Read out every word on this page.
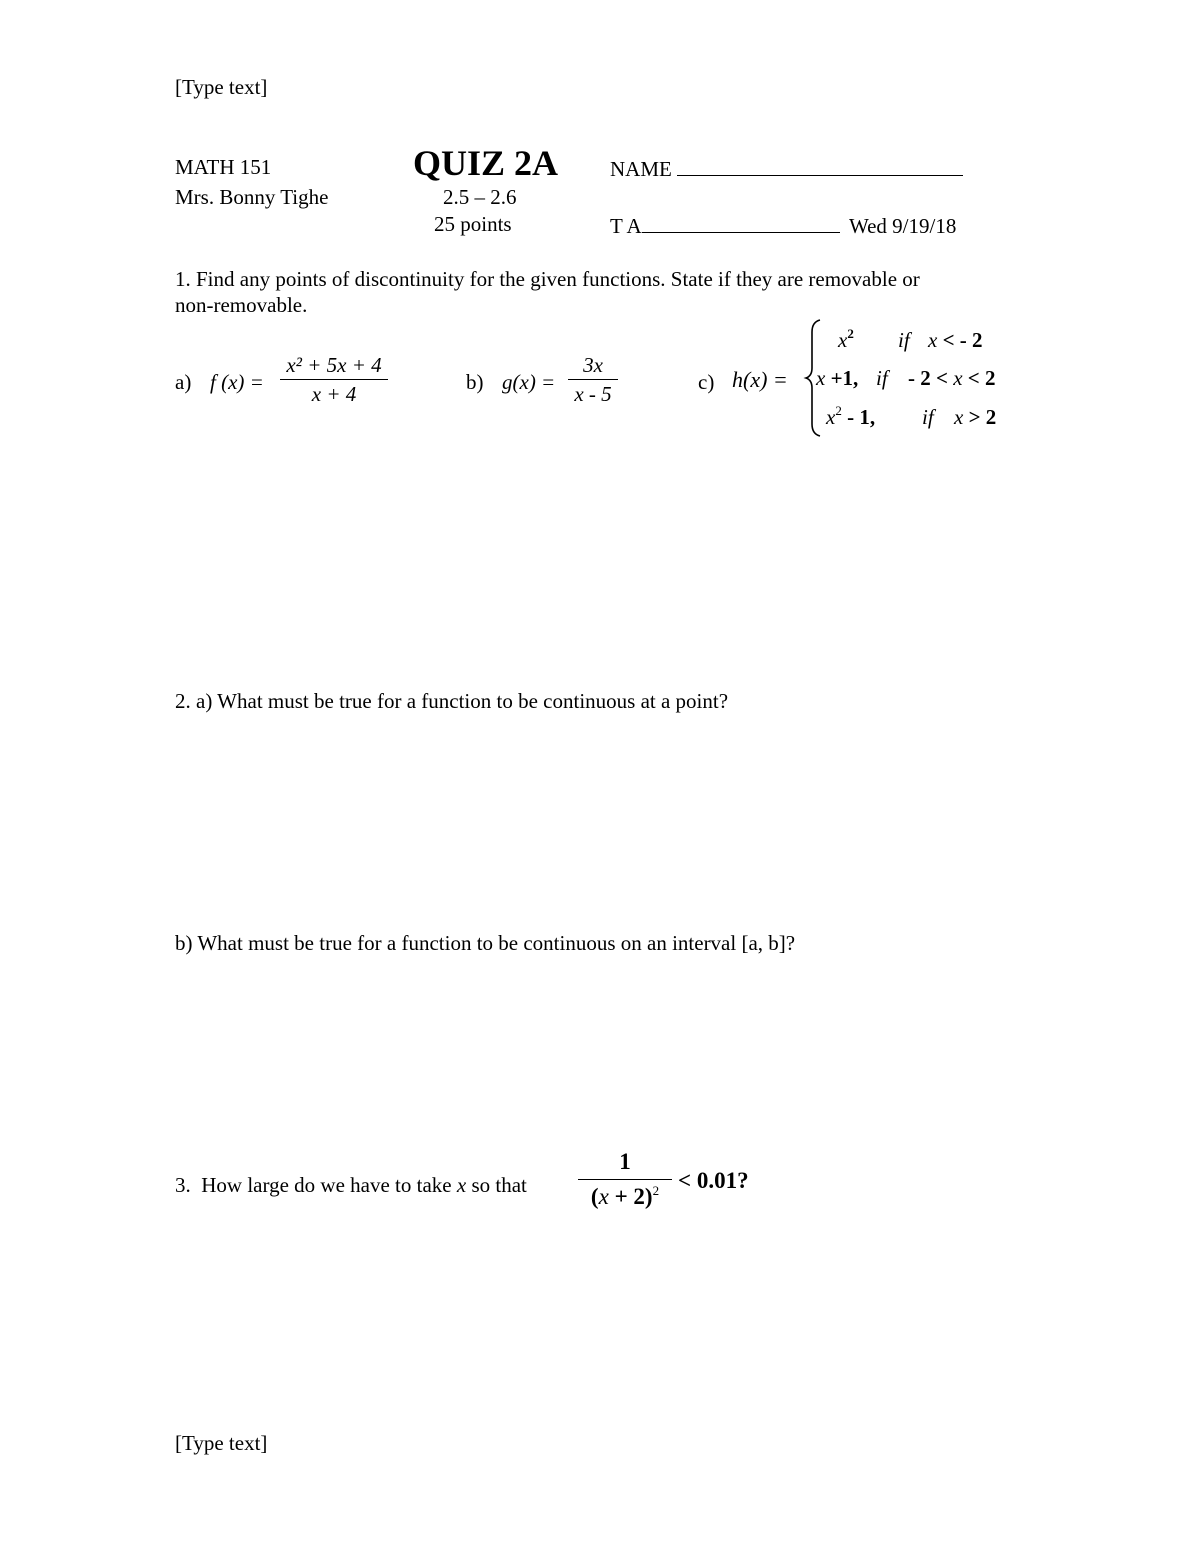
[Type text]
MATH 151
Mrs. Bonny Tighe
QUIZ 2A
2.5 – 2.6
25 points
NAME
T A	Wed 9/19/18
1. Find any points of discontinuity for the given functions. State if they are removable or
non-removable.
a) f (x) =
x² + 5x + 4
x + 4	b) g(x) =
3x
x - 5	c) h(x) =
$x^2$ if x < - 2
x +1, if - 2 < x < 2
$x^2 - 1$, if x > 2
2. a) What must be true for a function to be continuous at a point?
b) What must be true for a function to be continuous on an interval [a, b]?
3.  How large do we have to take x so that
1
$(x + 2)^2 < 0.01$?
[Type text]
